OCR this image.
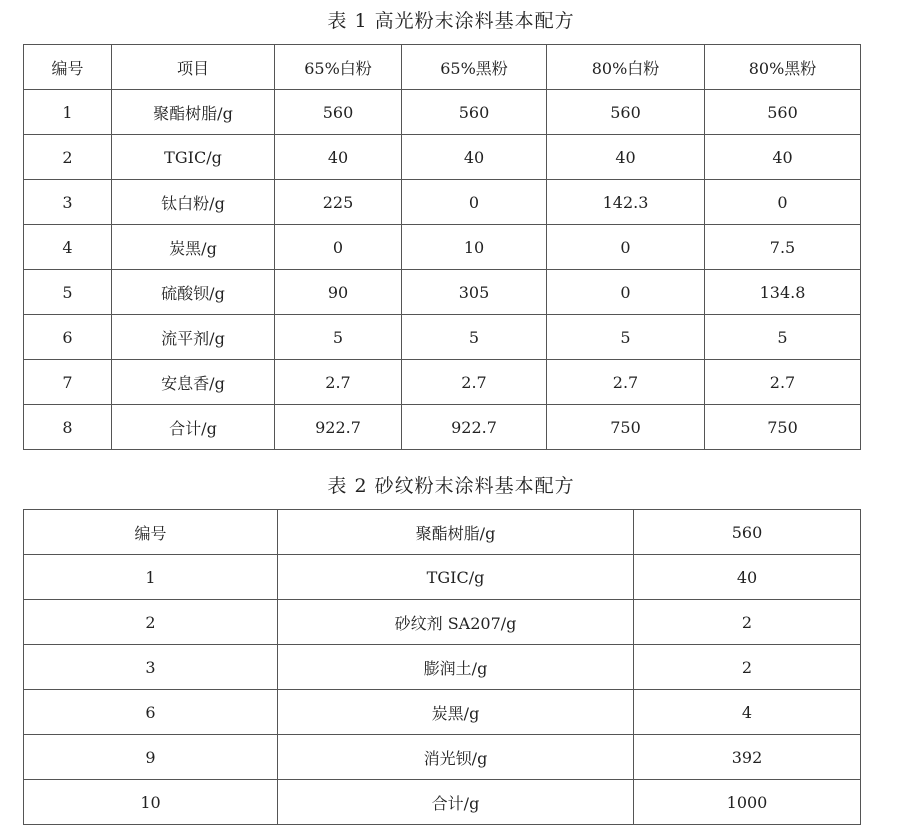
表 1 高光粉末涂料基本配方
编号	项目	65%白粉	65%黑粉	80%白粉	80%黑粉
1	聚酯树脂/g	560	560	560	560
2	TGIC/g	40	40	40	40
3	钛白粉/g	225	0	142.3	0
4	炭黑/g	0	10	0	7.5
5	硫酸钡/g	90	305	0	134.8
6	流平剂/g	5	5	5	5
7	安息香/g	2.7	2.7	2.7	2.7
8	合计/g	922.7	922.7	750	750
表 2 砂纹粉末涂料基本配方
编号	聚酯树脂/g	560
1	TGIC/g	40
2	砂纹剂 SA207/g	2
3	膨润土/g	2
6	炭黑/g	4
9	消光钡/g	392
10	合计/g	1000
